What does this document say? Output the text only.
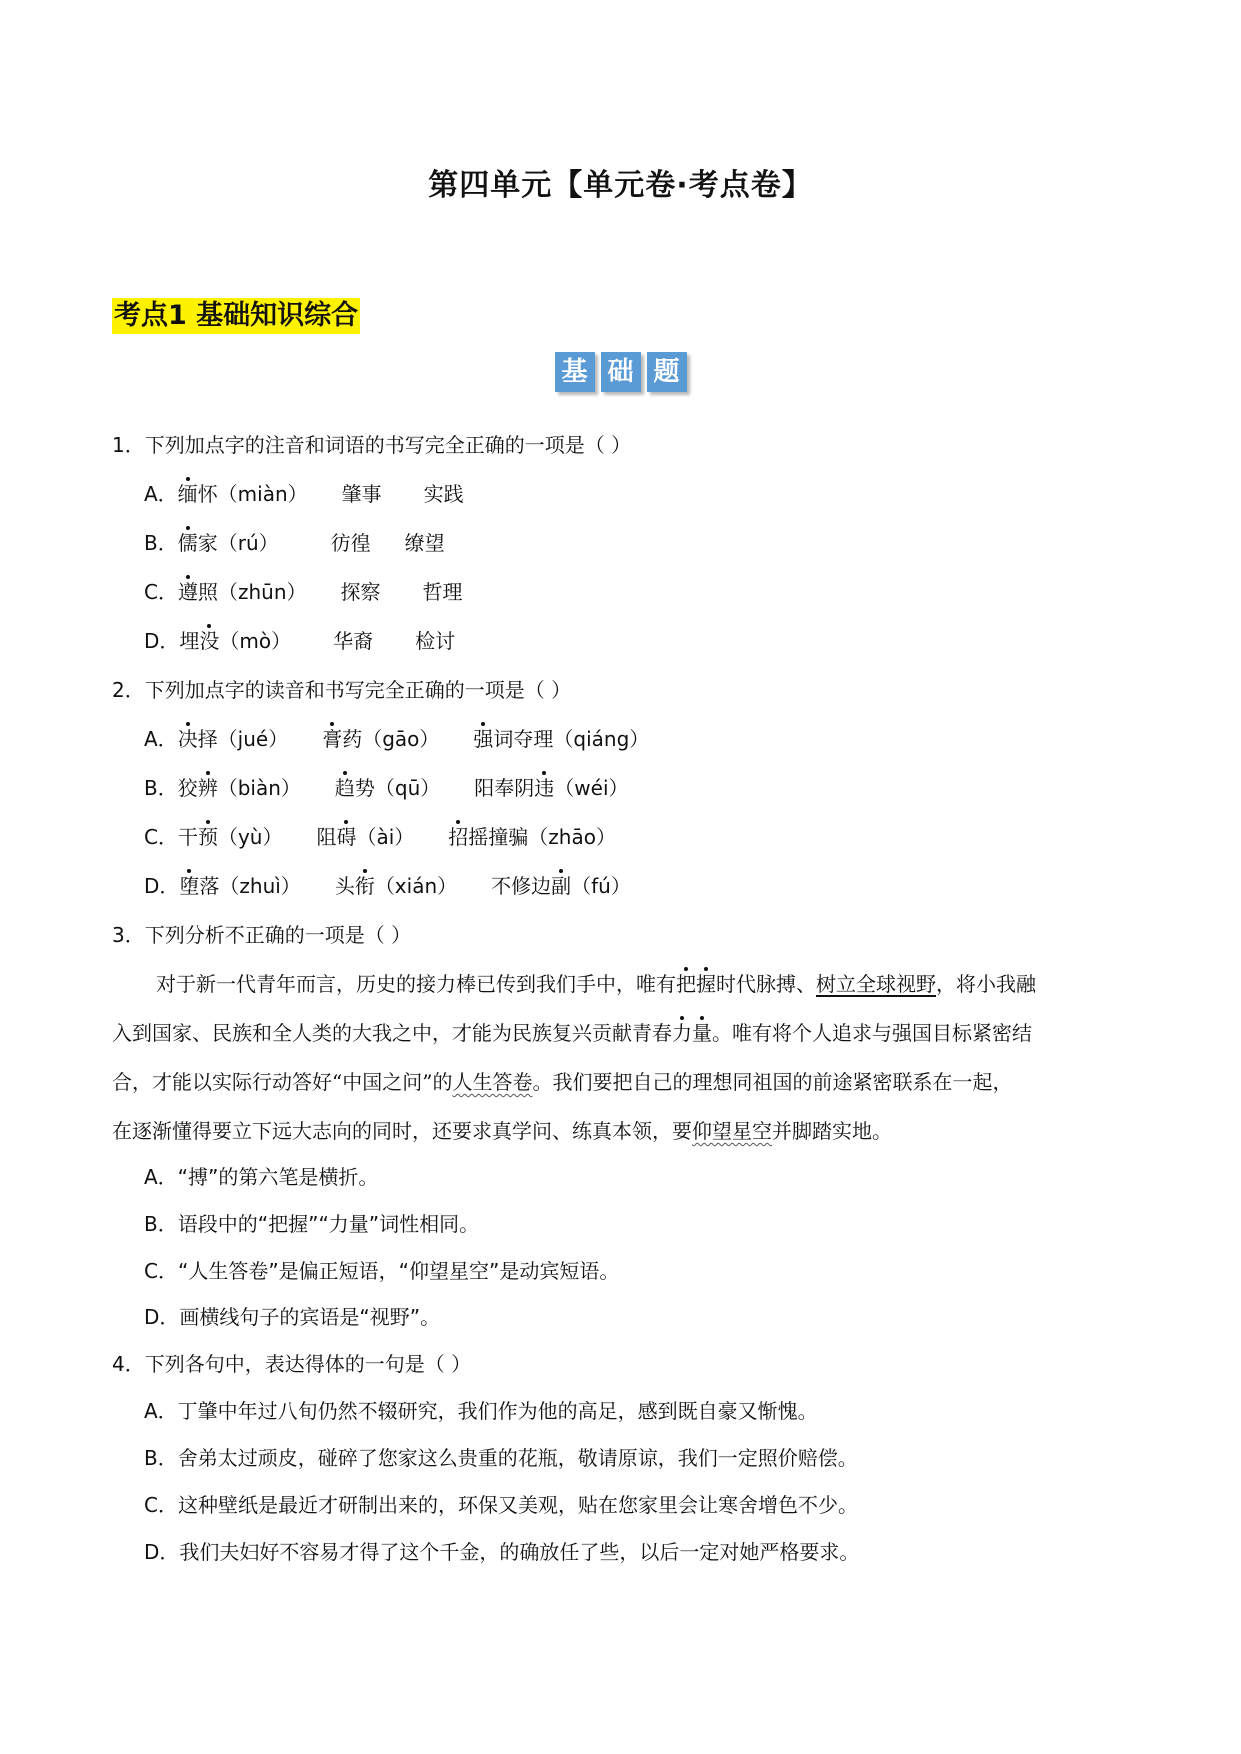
第四单元【单元卷·考点卷】
考点1 基础知识综合
基 础 题
1．下列加点字的注音和词语的书写完全正确的一项是（ ）
A．缅怀（miàn） 肇事 实践
B．儒家（rú）	彷徨 缭望
C．遵照（zhūn） 探察 哲理
D．埋没（mò） 华裔 检讨
2．下列加点字的读音和书写完全正确的一项是（ ）
A．决择（jué） 膏药（gāo） 强词夺理（qiáng）
B．狡辨（biàn） 趋势（qū） 阳奉阴违（wéi）
C．干预（yù） 阻碍（ài） 招摇撞骗（zhāo）
D．堕落（zhuì） 头衔（xián） 不修边副（fú）
3．下列分析不正确的一项是（ ）
对于新一代青年而言，历史的接力棒已传到我们手中，唯有把握时代脉搏、树立全球视野，将小我融
入到国家、民族和全人类的大我之中，才能为民族复兴贡献青春力量。唯有将个人追求与强国目标紧密结
合，才能以实际行动答好“中国之问”的人生答卷。我们要把自己的理想同祖国的前途紧密联系在一起，
在逐渐懂得要立下远大志向的同时，还要求真学问、练真本领，要仰望星空并脚踏实地。
A．“搏”的第六笔是横折。
B．语段中的“把握”“力量”词性相同。
C．“人生答卷”是偏正短语，“仰望星空”是动宾短语。
D．画横线句子的宾语是“视野”。
4．下列各句中，表达得体的一句是（ ）
A．丁肇中年过八旬仍然不辍研究，我们作为他的高足，感到既自豪又惭愧。
B．舍弟太过顽皮，碰碎了您家这么贵重的花瓶，敬请原谅，我们一定照价赔偿。
C．这种壁纸是最近才研制出来的，环保又美观，贴在您家里会让寒舍增色不少。
D．我们夫妇好不容易才得了这个千金，的确放任了些，以后一定对她严格要求。
